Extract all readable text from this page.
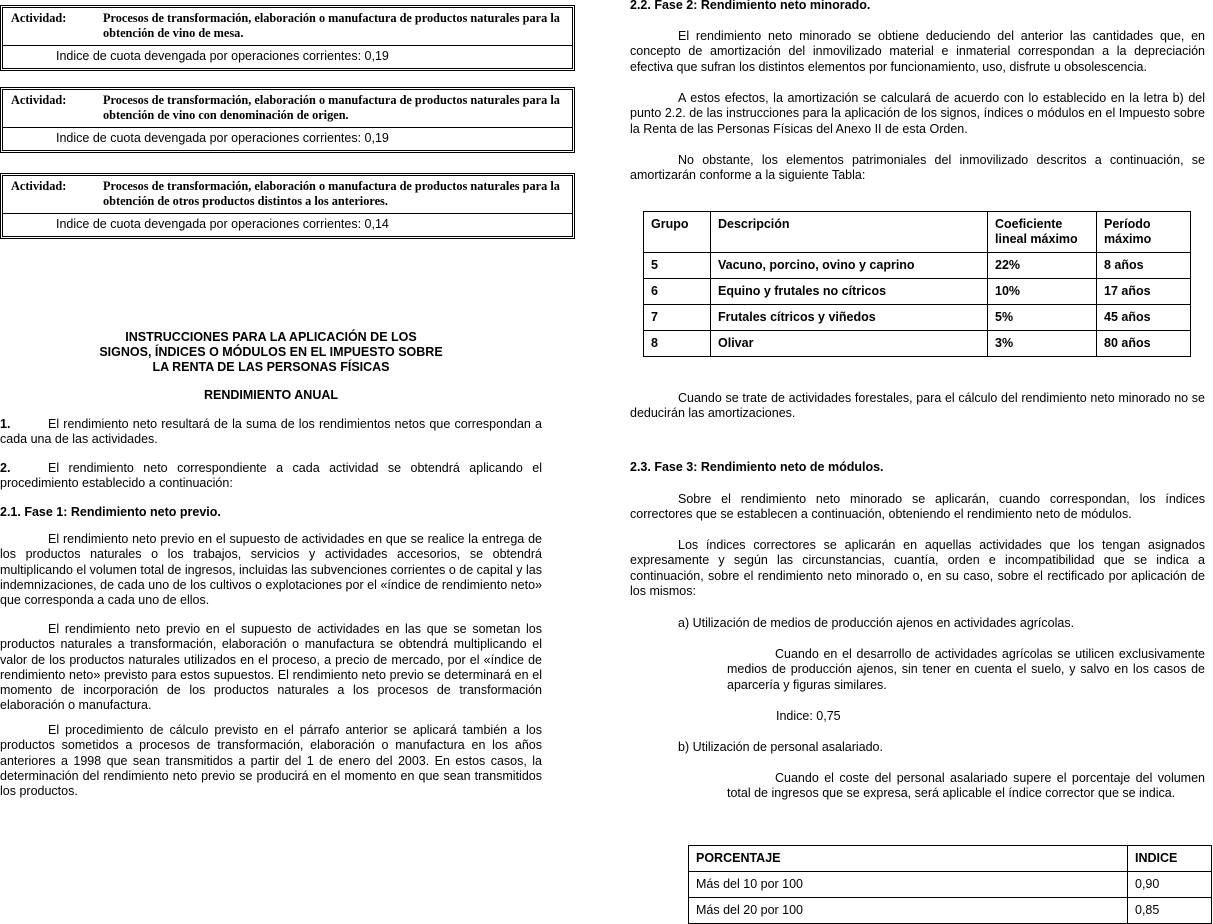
Actividad:	Procesos de transformación, elaboración o manufactura de productos naturales para la obtención de vino de mesa.
Indice de cuota devengada por operaciones corrientes: 0,19
Actividad:	Procesos de transformación, elaboración o manufactura de productos naturales para la obtención de vino con denominación de origen.
Indice de cuota devengada por operaciones corrientes: 0,19
Actividad:	Procesos de transformación, elaboración o manufactura de productos naturales para la obtención de otros productos distintos a los anteriores.
Indice de cuota devengada por operaciones corrientes: 0,14
INSTRUCCIONES PARA LA APLICACIÓN DE LOS
SIGNOS, ÍNDICES O MÓDULOS EN EL IMPUESTO SOBRE
LA RENTA DE LAS PERSONAS FÍSICAS
RENDIMIENTO ANUAL
1.	El rendimiento neto resultará de la suma de los rendimientos netos que correspondan a cada una de las actividades.
2.	El rendimiento neto correspondiente a cada actividad se obtendrá aplicando el procedimiento establecido a continuación:
2.1. Fase 1: Rendimiento neto previo.
El rendimiento neto previo en el supuesto de actividades en que se realice la entrega de los productos naturales o los trabajos, servicios y actividades accesorios, se obtendrá multiplicando el volumen total de ingresos, incluidas las subvenciones corrientes o de capital y las indemnizaciones, de cada uno de los cultivos o explotaciones por el «índice de rendimiento neto» que corresponda a cada uno de ellos.
El rendimiento neto previo en el supuesto de actividades en las que se sometan los productos naturales a transformación, elaboración o manufactura se obtendrá multiplicando el valor de los productos naturales utilizados en el proceso, a precio de mercado, por el «índice de rendimiento neto» previsto para estos supuestos. El rendimiento neto previo se determinará en el momento de incorporación de los productos naturales a los procesos de transformación elaboración o manufactura.
El procedimiento de cálculo previsto en el párrafo anterior se aplicará también a los productos sometidos a procesos de transformación, elaboración o manufactura en los años anteriores a 1998 que sean transmitidos a partir del 1 de enero del 2003. En estos casos, la determinación del rendimiento neto previo se producirá en el momento en que sean transmitidos los productos.
2.2. Fase 2: Rendimiento neto minorado.
El rendimiento neto minorado se obtiene deduciendo del anterior las cantidades que, en concepto de amortización del inmovilizado material e inmaterial correspondan a la depreciación efectiva que sufran los distintos elementos por funcionamiento, uso, disfrute u obsolescencia.
A estos efectos, la amortización se calculará de acuerdo con lo establecido en la letra b) del punto 2.2. de las instrucciones para la aplicación de los signos, índices o módulos en el Impuesto sobre la Renta de las Personas Físicas del Anexo II de esta Orden.
No obstante, los elementos patrimoniales del inmovilizado descritos a continuación, se amortizarán conforme a la siguiente Tabla:
Grupo	Descripción	Coeficiente lineal máximo	Período máximo
5	Vacuno, porcino, ovino y caprino	22%	8 años
6	Equino y frutales no cítricos	10%	17 años
7	Frutales cítricos y viñedos	5%	45 años
8	Olivar	3%	80 años
Cuando se trate de actividades forestales, para el cálculo del rendimiento neto minorado no se deducirán las amortizaciones.
2.3. Fase 3: Rendimiento neto de módulos.
Sobre el rendimiento neto minorado se aplicarán, cuando correspondan, los índices correctores que se establecen a continuación, obteniendo el rendimiento neto de módulos.
Los índices correctores se aplicarán en aquellas actividades que los tengan asignados expresamente y según las circunstancias, cuantía, orden e incompatibilidad que se indica a continuación, sobre el rendimiento neto minorado o, en su caso, sobre el rectificado por aplicación de los mismos:
a) Utilización de medios de producción ajenos en actividades agrícolas.
Cuando en el desarrollo de actividades agrícolas se utilicen exclusivamente medios de producción ajenos, sin tener en cuenta el suelo, y salvo en los casos de aparcería y figuras similares.
Indice: 0,75
b) Utilización de personal asalariado.
Cuando el coste del personal asalariado supere el porcentaje del volumen total de ingresos que se expresa, será aplicable el índice corrector que se indica.
PORCENTAJE	INDICE
Más del 10 por 100	0,90
Más del 20 por 100	0,85
